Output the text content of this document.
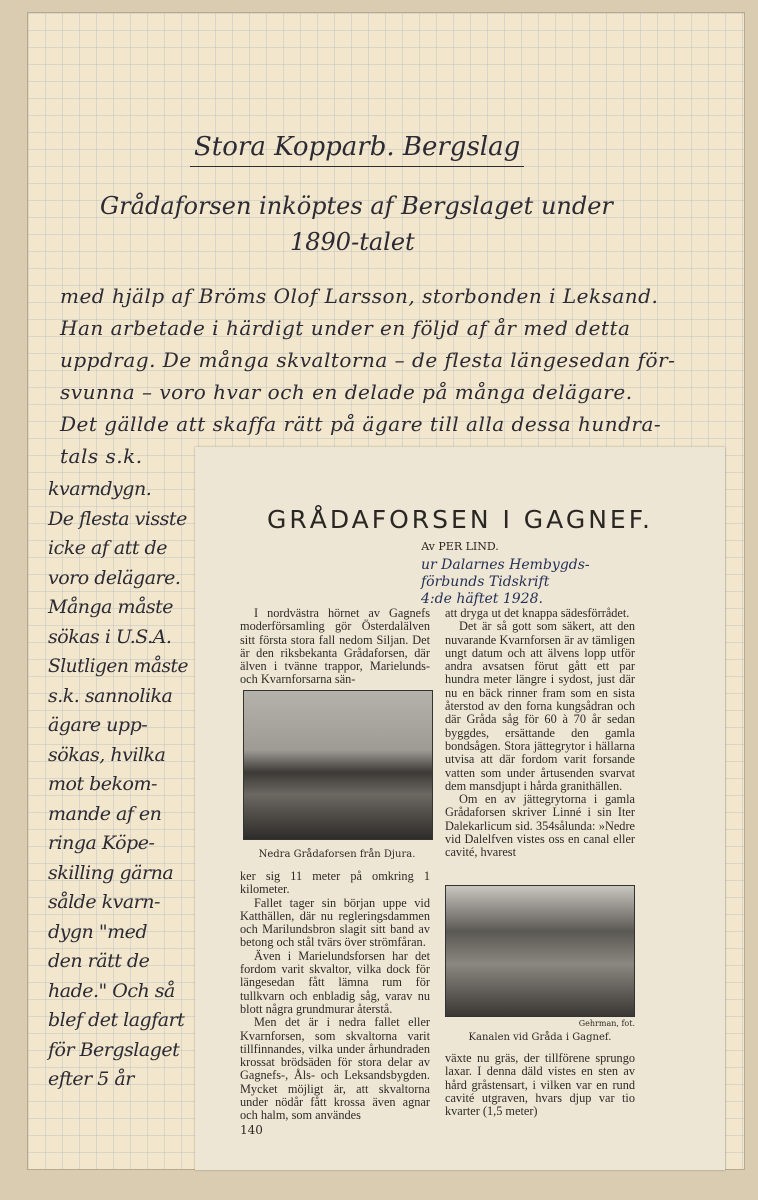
Stora Kopparb. Bergslag
Grådaforsen inköptes af Bergslaget under
1890-talet
med hjälp af Bröms Olof Larsson, storbonden i Leksand.
Han arbetade i härdigt under en följd af år med detta
uppdrag. De många skvaltorna – de flesta längesedan för-
svunna – voro hvar och en delade på många delägare.
Det gällde att skaffa rätt på ägare till alla dessa hundra-
tals s.k.
kvarndygn.
De flesta visste
icke af att de
voro delägare.
Många måste
sökas i U.S.A.
Slutligen måste
s.k. sannolika
ägare upp-
sökas, hvilka
mot bekom-
mande af en
ringa Köpe-
skilling gärna
sålde kvarn-
dygn "med
den rätt de
hade." Och så
blef det lagfart
för Bergslaget
efter 5 år
GRÅDAFORSEN I GAGNEF.
Av PER LIND.
ur Dalarnes Hembygds-
förbunds Tidskrift
4:de häftet 1928.

I nordvästra hörnet av Gagnefs moderförsamling gör Österdalälven sitt första stora fall nedom Siljan. Det är den riksbekanta Grådaforsen, där älven i tvänne trappor, Marielunds- och Kvarnforsarna sän-

Nedra Grådaforsen från Djura.

ker sig 11 meter på omkring 1 kilometer.

Fallet tager sin början uppe vid Katthällen, där nu regleringsdammen och Marilundsbron slagit sitt band av betong och stål tvärs över strömfåran.

Även i Marielundsforsen har det fordom varit skvaltor, vilka dock för längesedan fått lämna rum för tullkvarn och enbladig såg, varav nu blott några grundmurar återstå.

Men det är i nedra fallet eller Kvarnforsen, som skvaltorna varit tillfinnandes, vilka under århundraden krossat brödsäden för stora delar av Gagnefs-, Åls- och Leksandsbygden. Mycket möjligt är, att skvaltorna under nödår fått krossa även agnar och halm, som användes

140

att dryga ut det knappa sädesförrådet.

Det är så gott som säkert, att den nuvarande Kvarnforsen är av tämligen ungt datum och att älvens lopp utför andra avsatsen förut gått ett par hundra meter längre i sydost, just där nu en bäck rinner fram som en sista återstod av den forna kungsådran och där Gråda såg för 60 à 70 år sedan byggdes, ersättande den gamla bondsågen. Stora jättegrytor i hällarna utvisa att där fordom varit forsande vatten som under årtusenden svarvat dem mansdjupt i hårda granithällen.

Om en av jättegrytorna i gamla Grådaforsen skriver Linné i sin Iter Dalekarlicum sid. 354sålunda: »Nedre vid Dalelfven vistes oss en canal eller cavité, hvarest

Gehrman, fot.
Kanalen vid Gråda i Gagnef.

växte nu gräs, der tillförene sprungo laxar. I denna däld vistes en sten av hård gråstensart, i vilken var en rund cavité utgraven, hvars djup var tio kvarter (1,5 meter)
